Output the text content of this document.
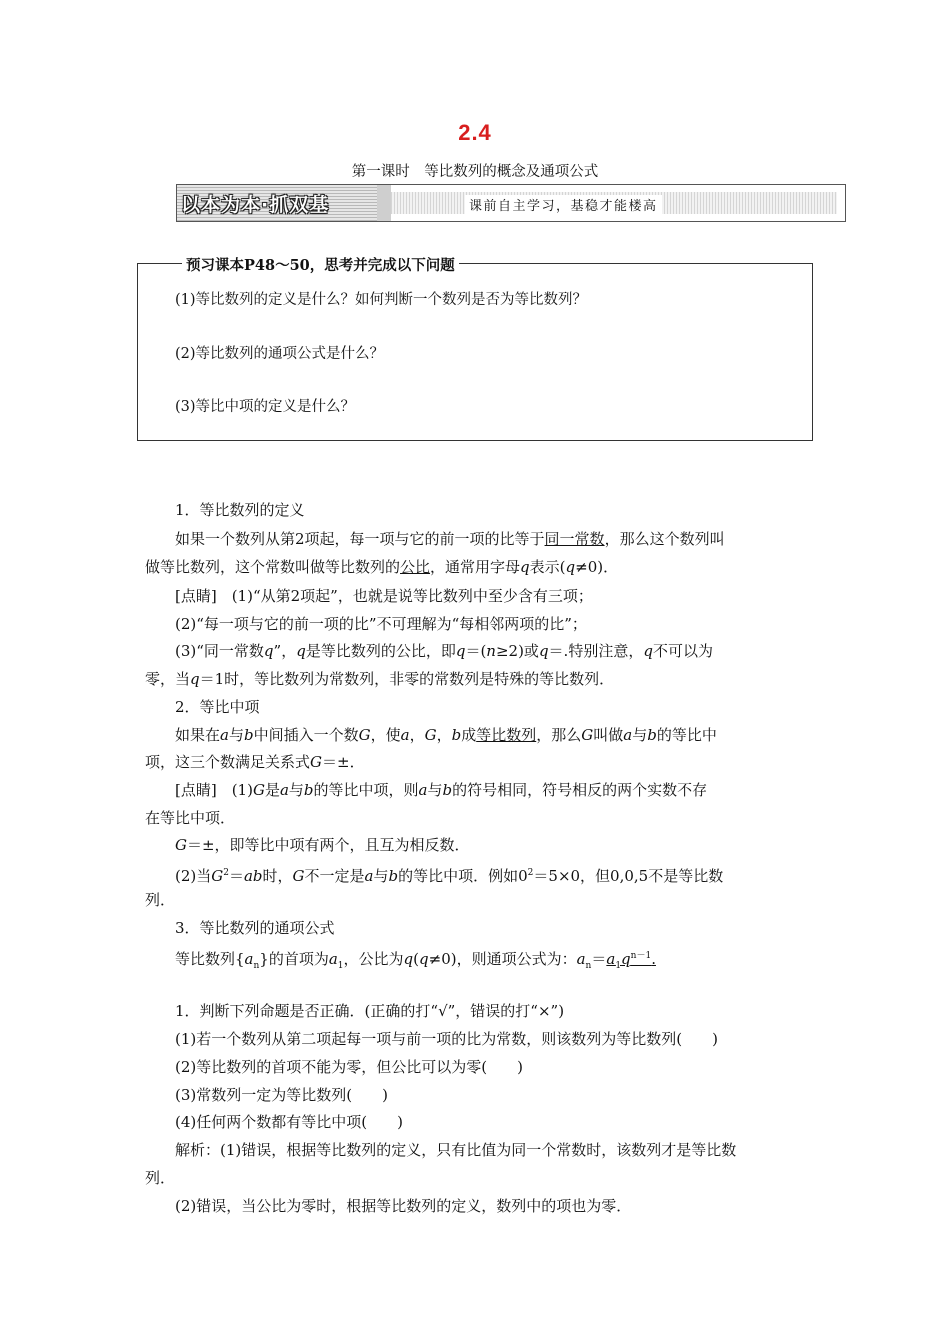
2.4
第一课时　等比数列的概念及通项公式
以本为本·抓双基	课前自主学习，基稳才能楼高
预习课本P48～50，思考并完成以下问题
(1)等比数列的定义是什么？如何判断一个数列是否为等比数列？
(2)等比数列的通项公式是什么？
(3)等比中项的定义是什么？
1．等比数列的定义
如果一个数列从第2项起，每一项与它的前一项的比等于同一常数，那么这个数列叫
做等比数列，这个常数叫做等比数列的公比，通常用字母q表示(q≠0)．
[点睛]　(1)“从第2项起”，也就是说等比数列中至少含有三项；
(2)“每一项与它的前一项的比”不可理解为“每相邻两项的比”；
(3)“同一常数q”，q是等比数列的公比，即q＝(n≥2)或q＝.特别注意，q不可以为
零，当q＝1时，等比数列为常数列，非零的常数列是特殊的等比数列．
2．等比中项
如果在a与b中间插入一个数G，使a，G，b成等比数列，那么G叫做a与b的等比中
项，这三个数满足关系式G＝±．
[点睛]　(1)G是a与b的等比中项，则a与b的符号相同，符号相反的两个实数不存
在等比中项．
G＝±，即等比中项有两个，且互为相反数．
(2)当$G^2=ab$时，G不一定是a与b的等比中项．例如$0^2=5\times 0$，但0,0,5不是等比数
列．
3．等比数列的通项公式
等比数列$\{a_n\}$的首项为$a_1$，公比为q(q≠0)，则通项公式为：$a_n=a_1q^{n-1}$.
1．判断下列命题是否正确．(正确的打“√”，错误的打“×”)
(1)若一个数列从第二项起每一项与前一项的比为常数，则该数列为等比数列(　　)
(2)等比数列的首项不能为零，但公比可以为零(　　)
(3)常数列一定为等比数列(　　)
(4)任何两个数都有等比中项(　　)
解析：(1)错误，根据等比数列的定义，只有比值为同一个常数时，该数列才是等比数
列．
(2)错误，当公比为零时，根据等比数列的定义，数列中的项也为零．
